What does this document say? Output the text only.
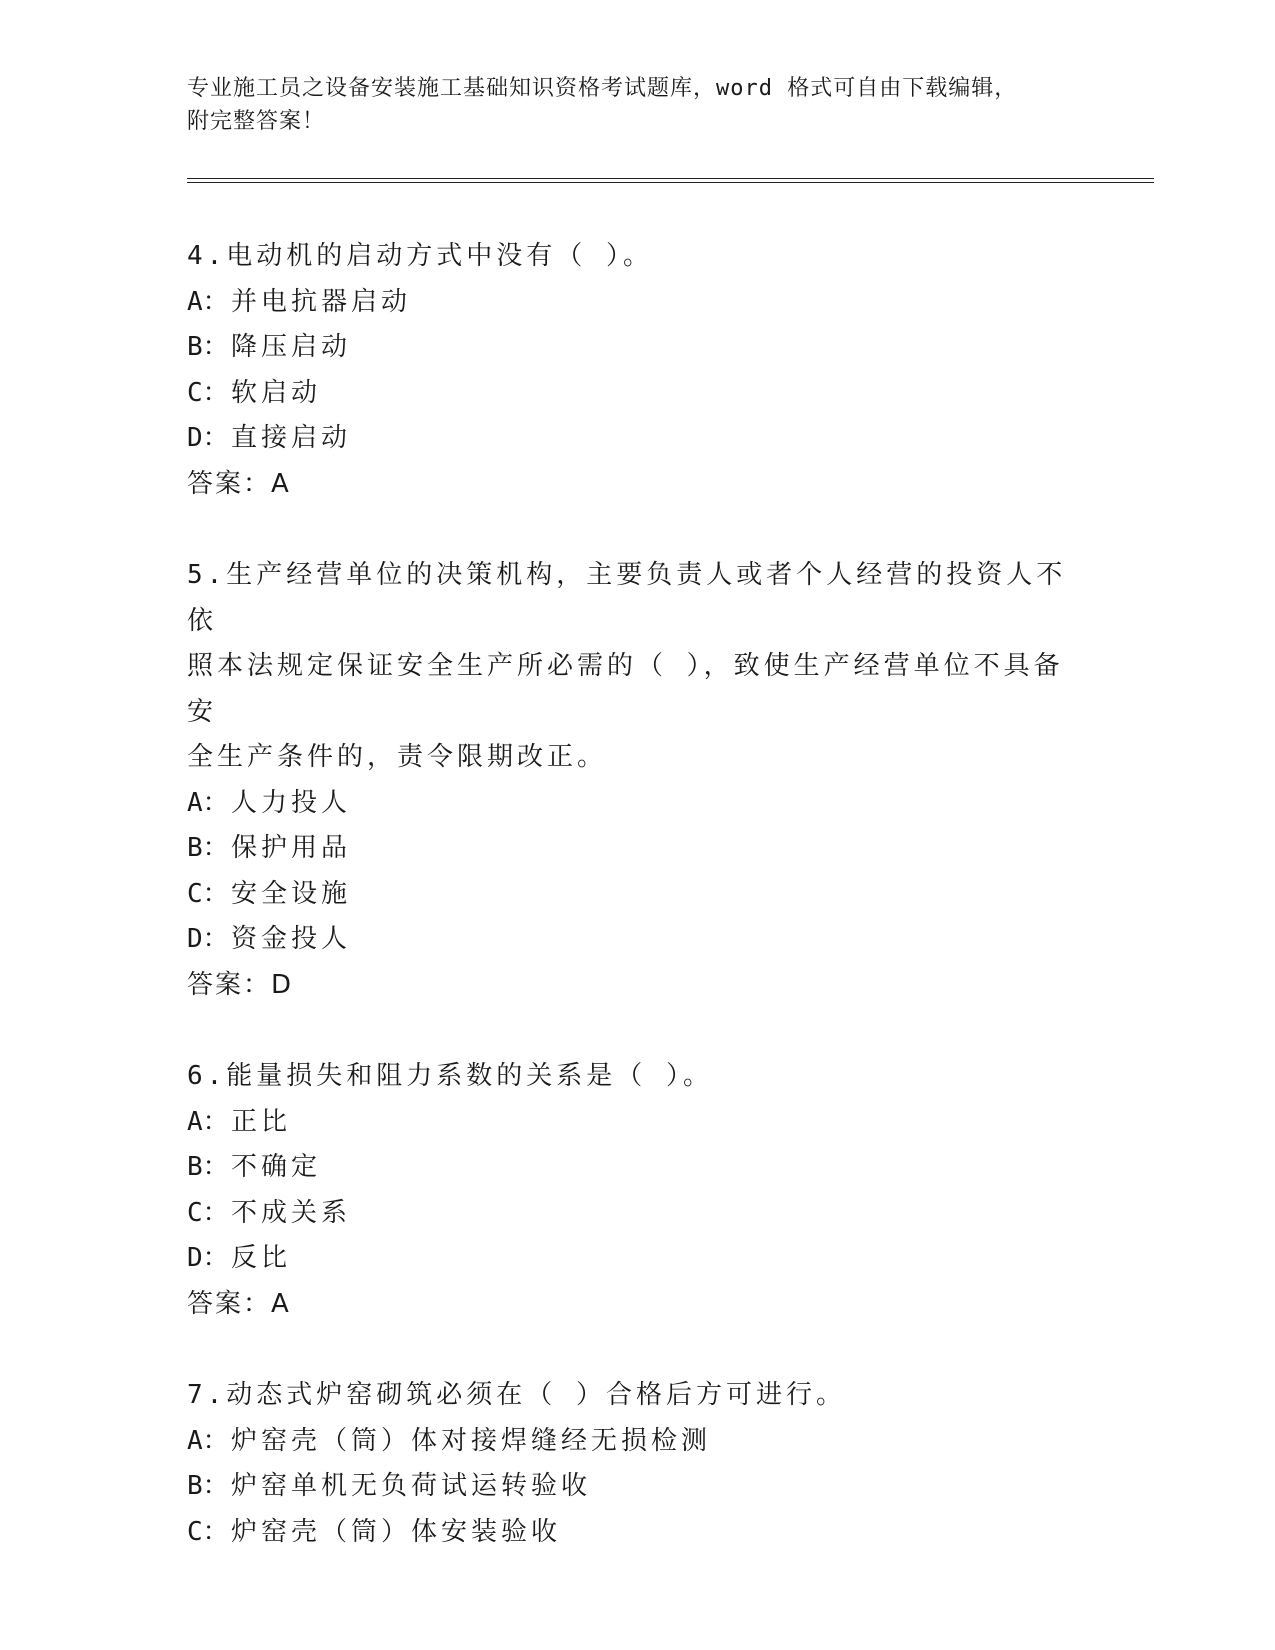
专业施工员之设备安装施工基础知识资格考试题库，word 格式可自由下载编辑，
附完整答案！

4.电动机的启动方式中没有（ ）。

A：并电抗器启动

B：降压启动

C：软启动

D：直接启动

答案：A

5.生产经营单位的决策机构，主要负责人或者个人经营的投资人不依

照本法规定保证安全生产所必需的（ ），致使生产经营单位不具备安

全生产条件的，责令限期改正。

A：人力投人

B：保护用品

C：安全设施

D：资金投人

答案：D

6.能量损失和阻力系数的关系是（ ）。

A：正比

B：不确定

C：不成关系

D：反比

答案：A

7.动态式炉窑砌筑必须在（ ）合格后方可进行。

A：炉窑壳（筒）体对接焊缝经无损检测

B：炉窑单机无负荷试运转验收

C：炉窑壳（筒）体安装验收
